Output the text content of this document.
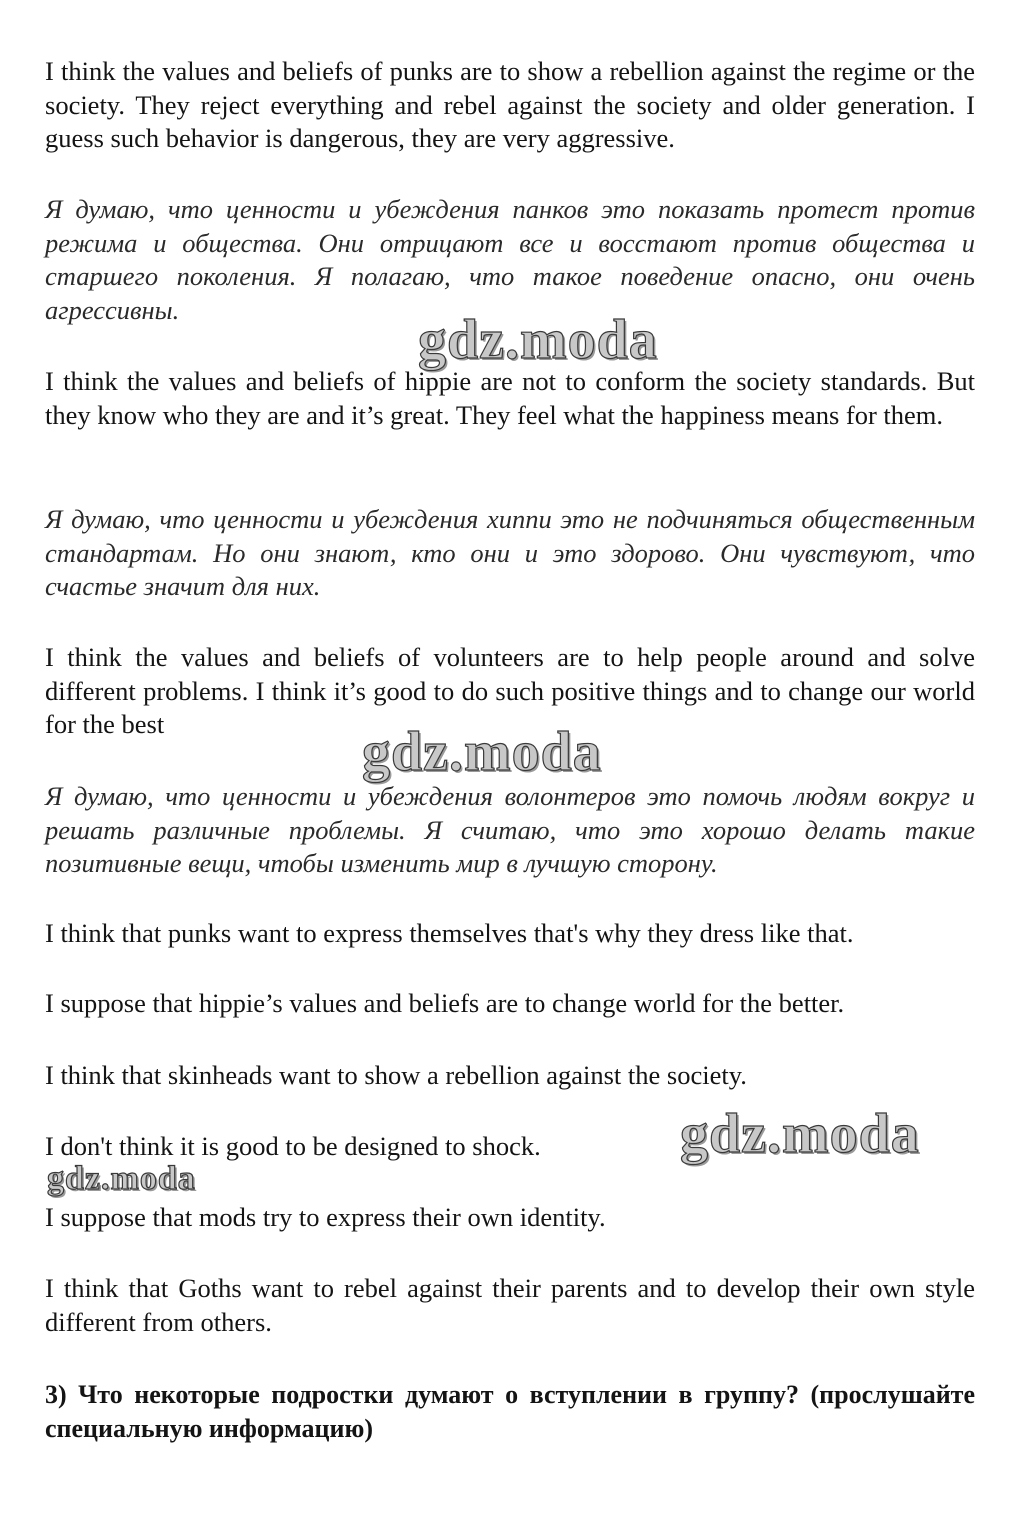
I think the values and beliefs of punks are to show a rebellion against the regime or the society. They reject everything and rebel against the society and older generation. I guess such behavior is dangerous, they are very aggressive.

Я думаю, что ценности и убеждения панков это показать протест против режима и общества. Они отрицают все и восстают против общества и старшего поколения. Я полагаю, что такое поведение опасно, они очень агрессивны.	gdz.moda

I think the values and beliefs of hippie are not to conform the society standards. But they know who they are and it’s great. They feel what the happiness means for them.

Я думаю, что ценности и убеждения хиппи это не подчиняться общественным стандартам. Но они знают, кто они и это здорово. Они чувствуют, что счастье значит для них.

I think the values and beliefs of volunteers are to help people around and solve different problems. I think it’s good to do such positive things and to change our world for the best	gdz.moda

Я думаю, что ценности и убеждения волонтеров это помочь людям вокруг и решать различные проблемы. Я считаю, что это хорошо делать такие позитивные вещи, чтобы изменить мир в лучшую сторону.

I think that punks want to express themselves that's why they dress like that.

I suppose that hippie’s values and beliefs are to change world for the better.

I think that skinheads want to show a rebellion against the society.

I don't think it is good to be designed to shock.	gdz.moda
gdz.moda

I suppose that mods try to express their own identity.

I think that Goths want to rebel against their parents and to develop their own style different from others.

3) Что некоторые подростки думают о вступлении в группу? (прослушайте специальную информацию)
